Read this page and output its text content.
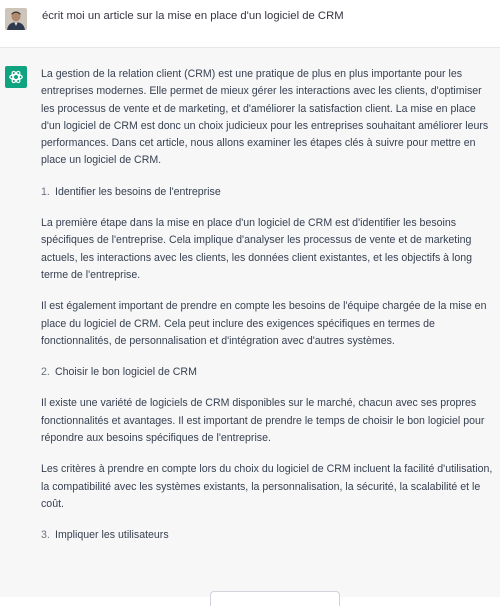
écrit moi un article sur la mise en place d'un logiciel de CRM

La gestion de la relation client (CRM) est une pratique de plus en plus importante pour les entreprises modernes. Elle permet de mieux gérer les interactions avec les clients, d'optimiser les processus de vente et de marketing, et d'améliorer la satisfaction client. La mise en place d'un logiciel de CRM est donc un choix judicieux pour les entreprises souhaitant améliorer leurs performances. Dans cet article, nous allons examiner les étapes clés à suivre pour mettre en place un logiciel de CRM.

1. Identifier les besoins de l'entreprise

La première étape dans la mise en place d'un logiciel de CRM est d'identifier les besoins spécifiques de l'entreprise. Cela implique d'analyser les processus de vente et de marketing actuels, les interactions avec les clients, les données client existantes, et les objectifs à long terme de l'entreprise.

Il est également important de prendre en compte les besoins de l'équipe chargée de la mise en place du logiciel de CRM. Cela peut inclure des exigences spécifiques en termes de fonctionnalités, de personnalisation et d'intégration avec d'autres systèmes.

2. Choisir le bon logiciel de CRM

Il existe une variété de logiciels de CRM disponibles sur le marché, chacun avec ses propres fonctionnalités et avantages. Il est important de prendre le temps de choisir le bon logiciel pour répondre aux besoins spécifiques de l'entreprise.

Les critères à prendre en compte lors du choix du logiciel de CRM incluent la facilité d'utilisation, la compatibilité avec les systèmes existants, la personnalisation, la sécurité, la scalabilité et le coût.

3. Impliquer les utilisateurs
